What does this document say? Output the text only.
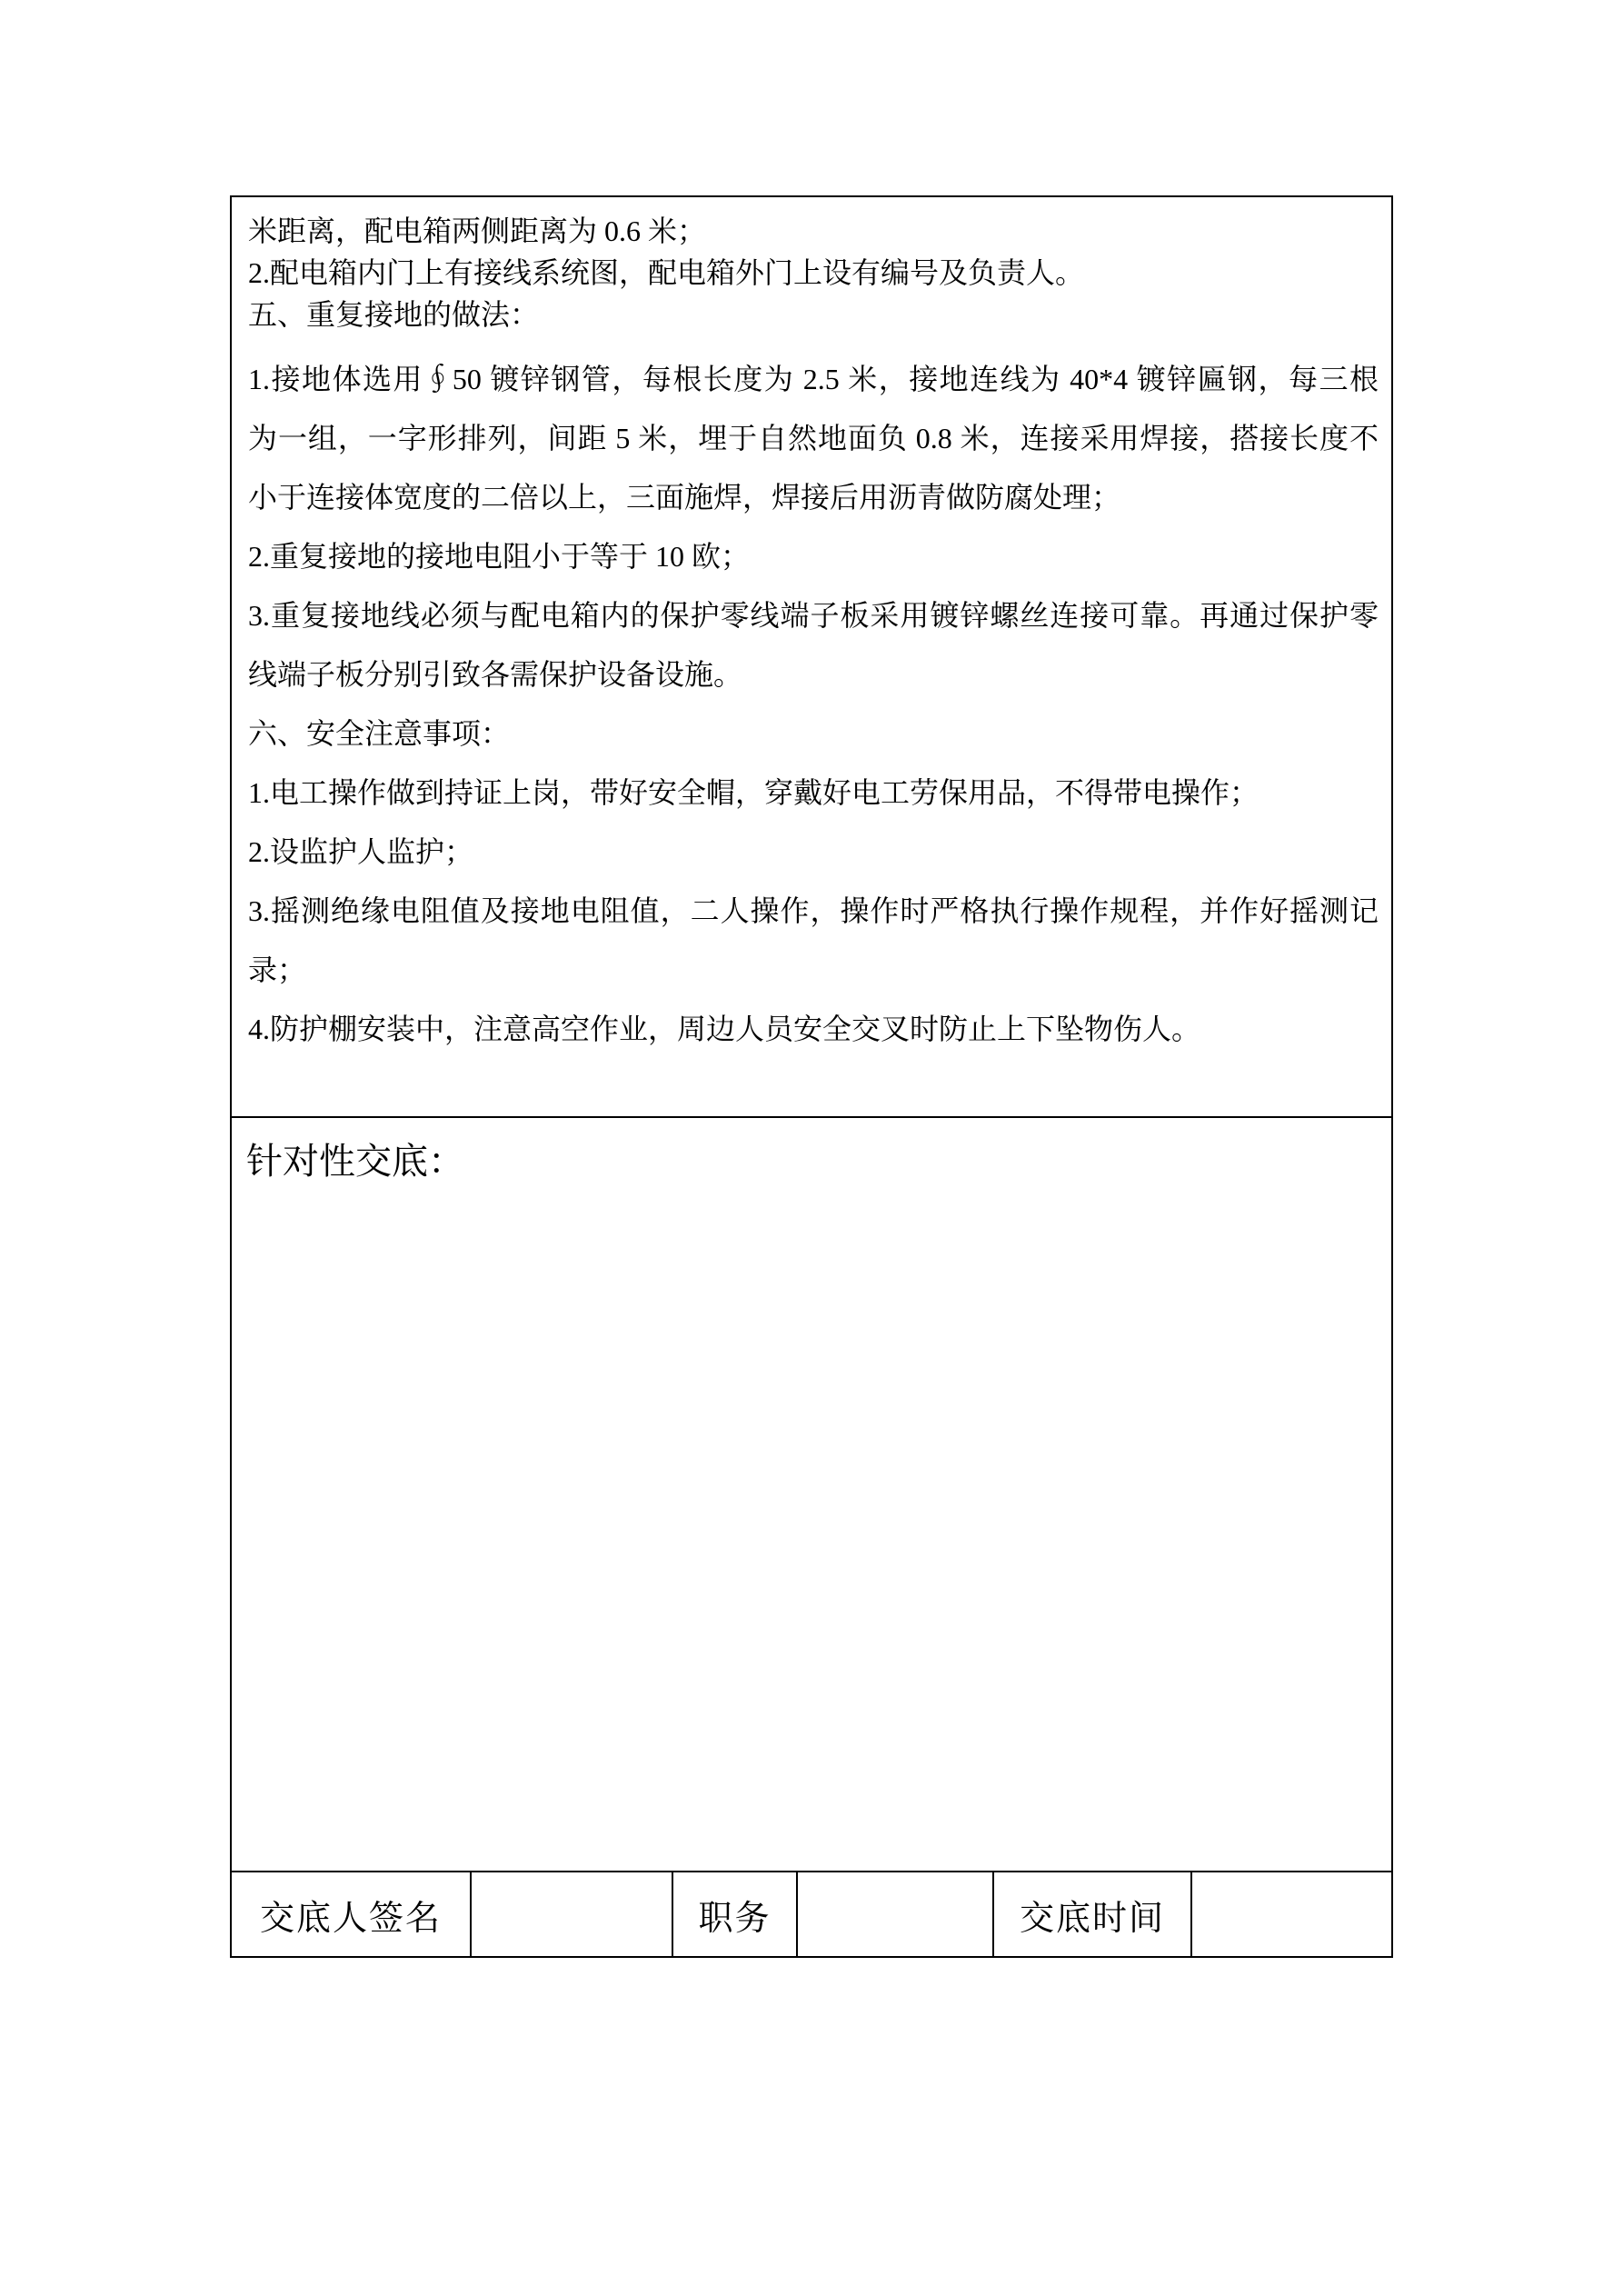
米距离，配电箱两侧距离为 0.6 米；
2.配电箱内门上有接线系统图，配电箱外门上设有编号及负责人。
五、重复接地的做法：
1.接地体选用∮50 镀锌钢管，每根长度为 2.5 米，接地连线为 40*4 镀锌匾钢，每三根
为一组，一字形排列，间距 5 米，埋于自然地面负 0.8 米，连接采用焊接，搭接长度不
小于连接体宽度的二倍以上，三面施焊，焊接后用沥青做防腐处理；
2.重复接地的接地电阻小于等于 10 欧；
3.重复接地线必须与配电箱内的保护零线端子板采用镀锌螺丝连接可靠。再通过保护零
线端子板分别引致各需保护设备设施。
六、安全注意事项：
1.电工操作做到持证上岗，带好安全帽，穿戴好电工劳保用品，不得带电操作；
2.设监护人监护；
3.摇测绝缘电阻值及接地电阻值，二人操作，操作时严格执行操作规程，并作好摇测记
录；
4.防护棚安装中，注意高空作业，周边人员安全交叉时防止上下坠物伤人。

针对性交底：

交底人签名		职务		交底时间	
